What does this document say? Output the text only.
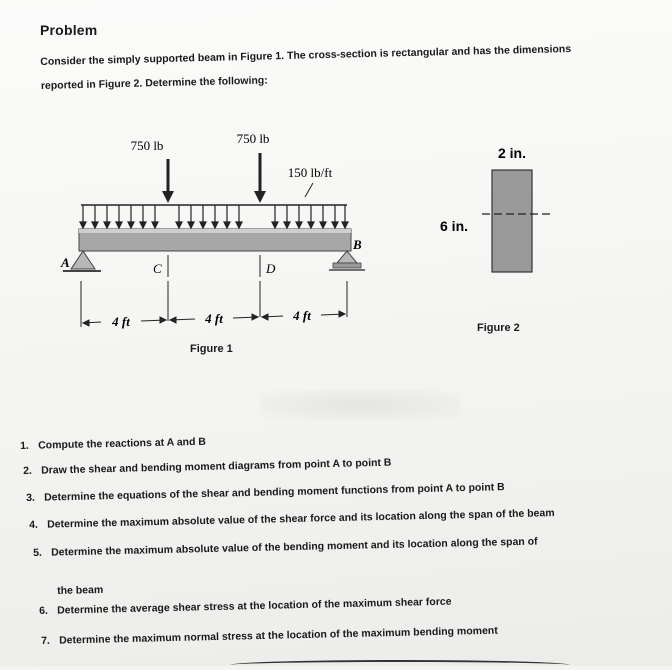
Problem
Consider the simply supported beam in Figure 1. The cross-section is rectangular and has the dimensions
reported in Figure 2. Determine the following:
750 lb	750 lb
150 lb/ft
A
B
C	D
4 ft	4 ft	4 ft
Figure 1
2 in.
6 in.
Figure 2
1. Compute the reactions at A and B
2. Draw the shear and bending moment diagrams from point A to point B
3. Determine the equations of the shear and bending moment functions from point A to point B
4. Determine the maximum absolute value of the shear force and its location along the span of the beam
5. Determine the maximum absolute value of the bending moment and its location along the span of
the beam
6. Determine the average shear stress at the location of the maximum shear force
7. Determine the maximum normal stress at the location of the maximum bending moment
